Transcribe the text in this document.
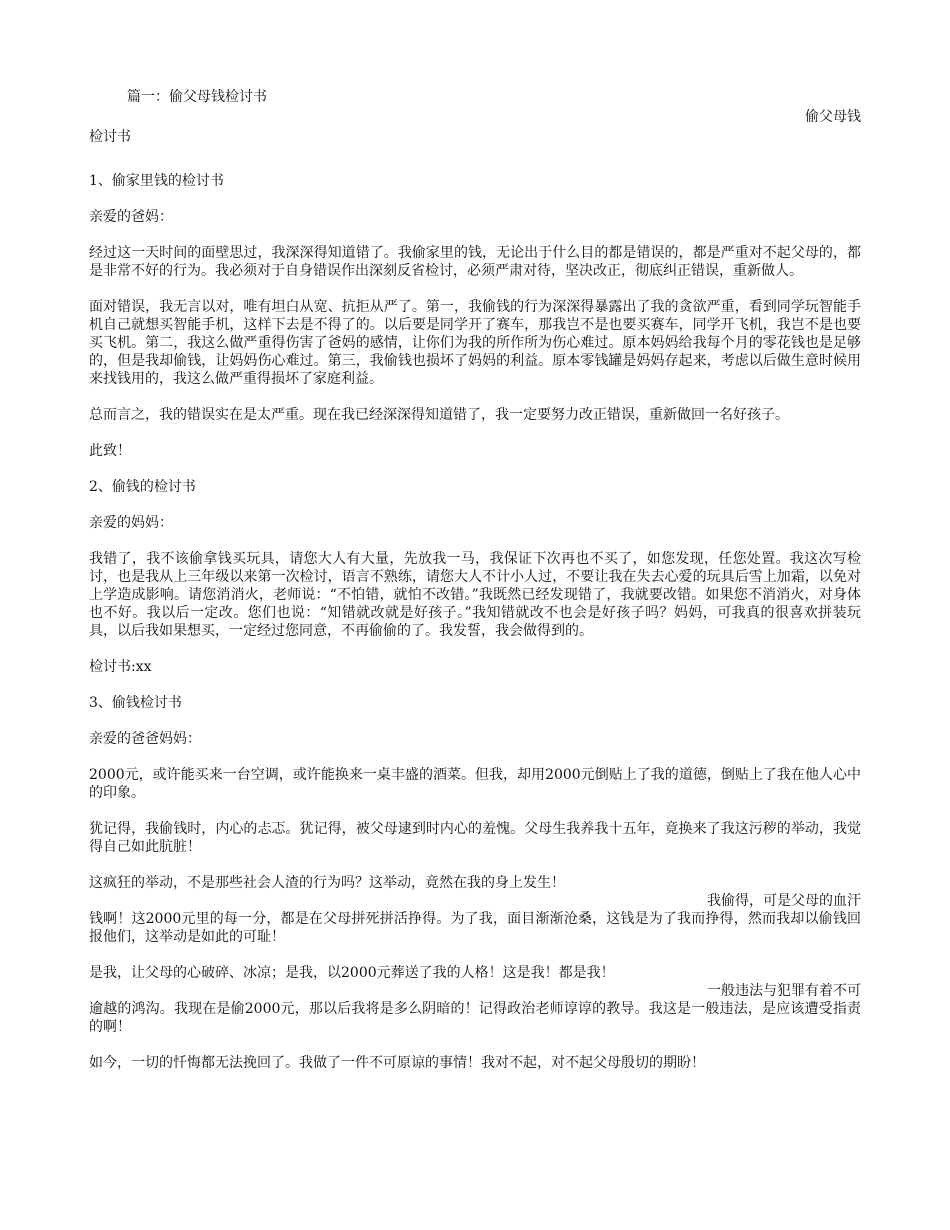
篇一：偷父母钱检讨书
偷父母钱
检讨书
1、偷家里钱的检讨书
亲爱的爸妈：
经过这一天时间的面壁思过，我深深得知道错了。我偷家里的钱，无论出于什么目的都是错误的，都是严重对不起父母的，都是非常不好的行为。我必须对于自身错误作出深刻反省检讨，必须严肃对待，坚决改正，彻底纠正错误，重新做人。
面对错误，我无言以对，唯有坦白从宽、抗拒从严了。第一，我偷钱的行为深深得暴露出了我的贪欲严重，看到同学玩智能手机自己就想买智能手机，这样下去是不得了的。以后要是同学开了赛车，那我岂不是也要买赛车，同学开飞机，我岂不是也要买飞机。第二，我这么做严重得伤害了爸妈的感情，让你们为我的所作所为伤心难过。原本妈妈给我每个月的零花钱也是足够的，但是我却偷钱，让妈妈伤心难过。第三，我偷钱也损坏了妈妈的利益。原本零钱罐是妈妈存起来，考虑以后做生意时候用来找钱用的，我这么做严重得损坏了家庭利益。
总而言之，我的错误实在是太严重。现在我已经深深得知道错了，我一定要努力改正错误，重新做回一名好孩子。
此致！
2、偷钱的检讨书
亲爱的妈妈：
我错了，我不该偷拿钱买玩具，请您大人有大量，先放我一马，我保证下次再也不买了，如您发现，任您处置。我这次写检讨，也是我从上三年级以来第一次检讨，语言不熟练，请您大人不计小人过，不要让我在失去心爱的玩具后雪上加霜，以免对上学造成影响。请您消消火，老师说：“不怕错，就怕不改错。”我既然已经发现错了，我就要改错。如果您不消消火，对身体也不好。我以后一定改。您们也说：“知错就改就是好孩子。”我知错就改不也会是好孩子吗？妈妈，可我真的很喜欢拼装玩具，以后我如果想买，一定经过您同意，不再偷偷的了。我发誓，我会做得到的。
检讨书:xx
3、偷钱检讨书
亲爱的爸爸妈妈：
2000元，或许能买来一台空调，或许能换来一桌丰盛的酒菜。但我，却用2000元倒贴上了我的道德，倒贴上了我在他人心中的印象。
犹记得，我偷钱时，内心的忐忑。犹记得，被父母逮到时内心的羞愧。父母生我养我十五年，竟换来了我这污秽的举动，我觉得自己如此肮脏！
这疯狂的举动，不是那些社会人渣的行为吗？这举动，竟然在我的身上发生！
我偷得，可是父母的血汗
钱啊！这2000元里的每一分，都是在父母拼死拼活挣得。为了我，面目渐渐沧桑，这钱是为了我而挣得，然而我却以偷钱回报他们，这举动是如此的可耻！
是我，让父母的心破碎、冰凉；是我，以2000元葬送了我的人格！这是我！都是我！
一般违法与犯罪有着不可
逾越的鸿沟。我现在是偷2000元，那以后我将是多么阴暗的！记得政治老师谆谆的教导。我这是一般违法，是应该遭受指责的啊！
如今，一切的忏悔都无法挽回了。我做了一件不可原谅的事情！我对不起，对不起父母殷切的期盼！
